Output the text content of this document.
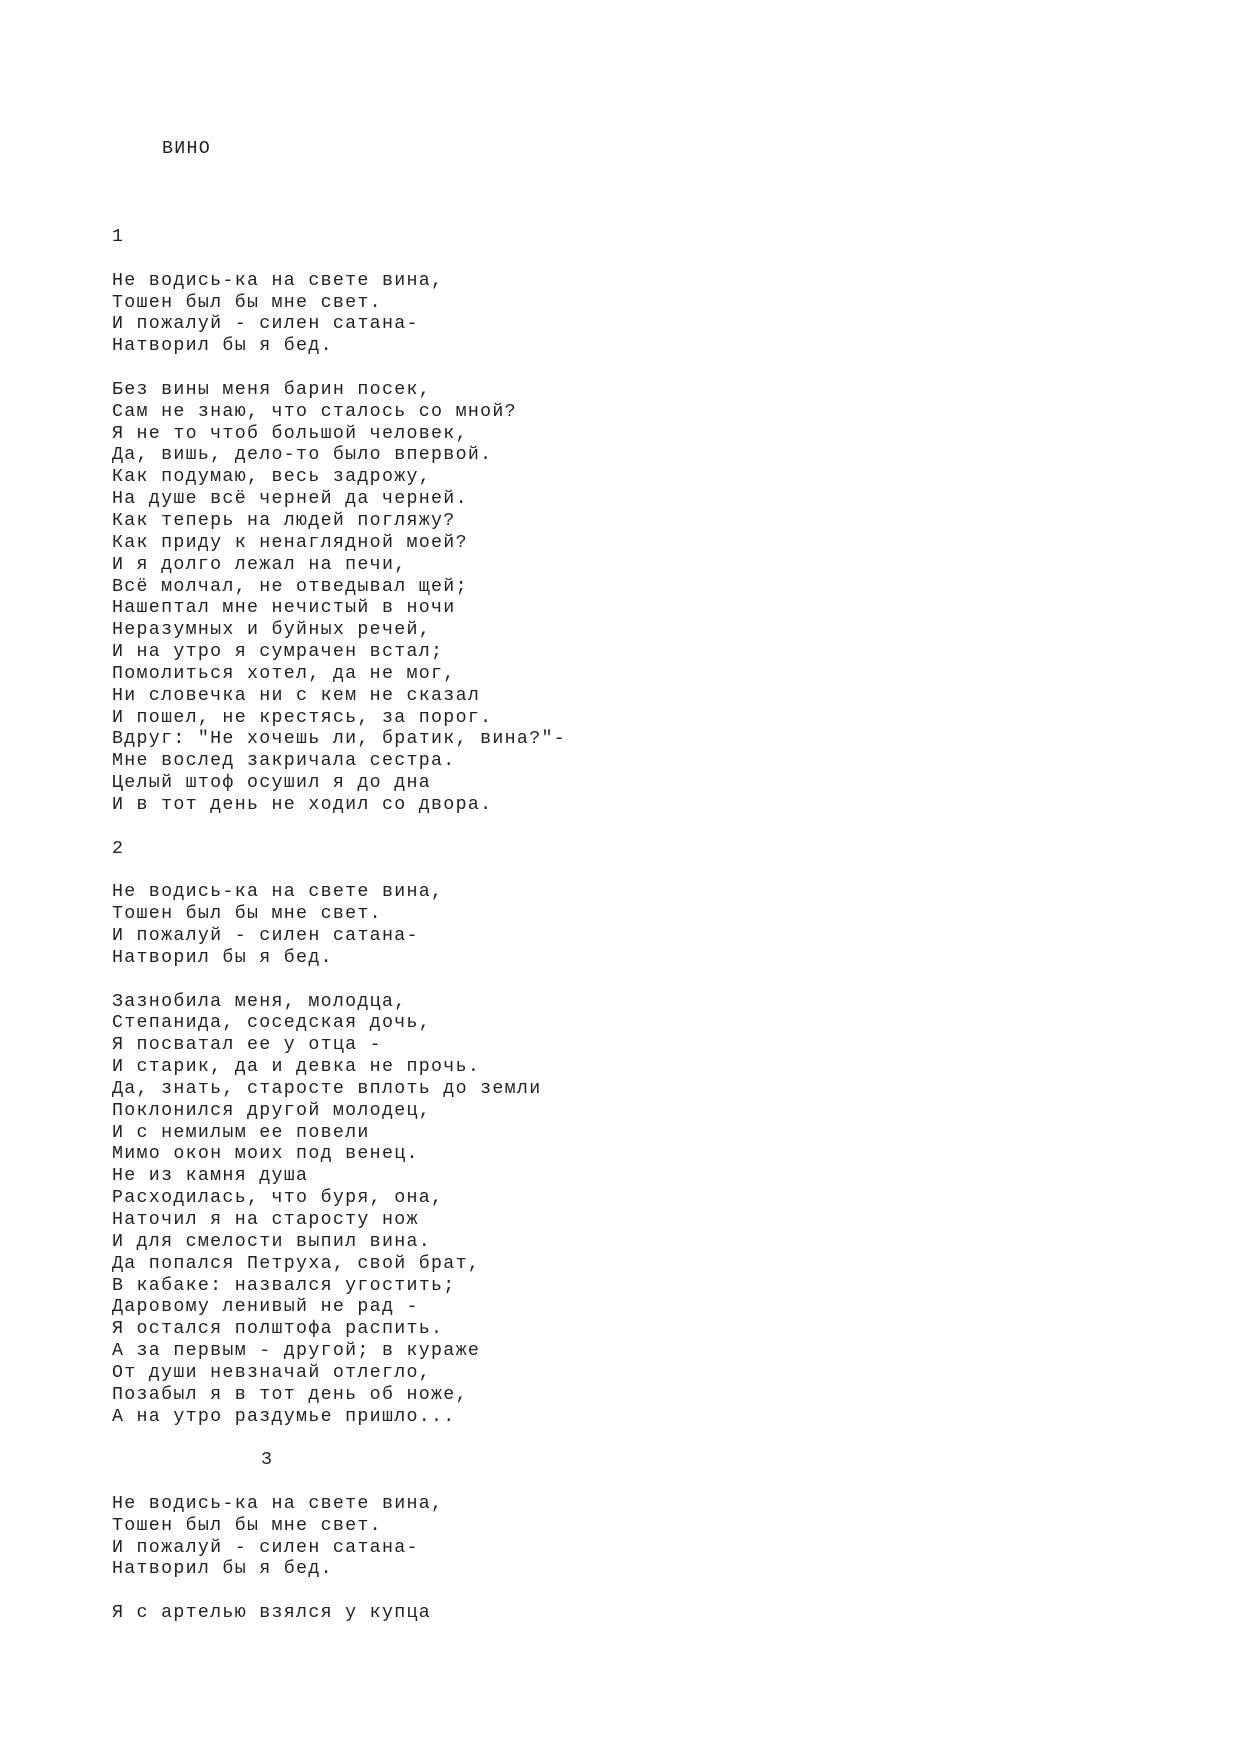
ВИНО
1
Не водись-ка на свете вина,
Тошен был бы мне свет.
И пожалуй - силен сатана-
Натворил бы я бед.
Без вины меня барин посек,
Сам не знаю, что сталось со мной?
Я не то чтоб большой человек,
Да, вишь, дело-то было впервой.
Как подумаю, весь задрожу,
На душе всё черней да черней.
Как теперь на людей погляжу?
Как приду к ненаглядной моей?
И я долго лежал на печи,
Всё молчал, не отведывал щей;
Нашептал мне нечистый в ночи
Неразумных и буйных речей,
И на утро я сумрачен встал;
Помолиться хотел, да не мог,
Ни словечка ни с кем не сказал
И пошел, не крестясь, за порог.
Вдруг: "Не хочешь ли, братик, вина?"-
Мне вослед закричала сестра.
Целый штоф осушил я до дна
И в тот день не ходил со двора.
2
Не водись-ка на свете вина,
Тошен был бы мне свет.
И пожалуй - силен сатана-
Натворил бы я бед.
Зазнобила меня, молодца,
Степанида, соседская дочь,
Я посватал ее у отца -
И старик, да и девка не прочь.
Да, знать, старосте вплоть до земли
Поклонился другой молодец,
И с немилым ее повели
Мимо окон моих под венец.
Не из камня душа
Расходилась, что буря, она,
Наточил я на старосту нож
И для смелости выпил вина.
Да попался Петруха, свой брат,
В кабаке: назвался угостить;
Даровому ленивый не рад -
Я остался полштофа распить.
А за первым - другой; в кураже
От души невзначай отлегло,
Позабыл я в тот день об ноже,
А на утро раздумье пришло...
3
Не водись-ка на свете вина,
Тошен был бы мне свет.
И пожалуй - силен сатана-
Натворил бы я бед.
Я с артелью взялся у купца
